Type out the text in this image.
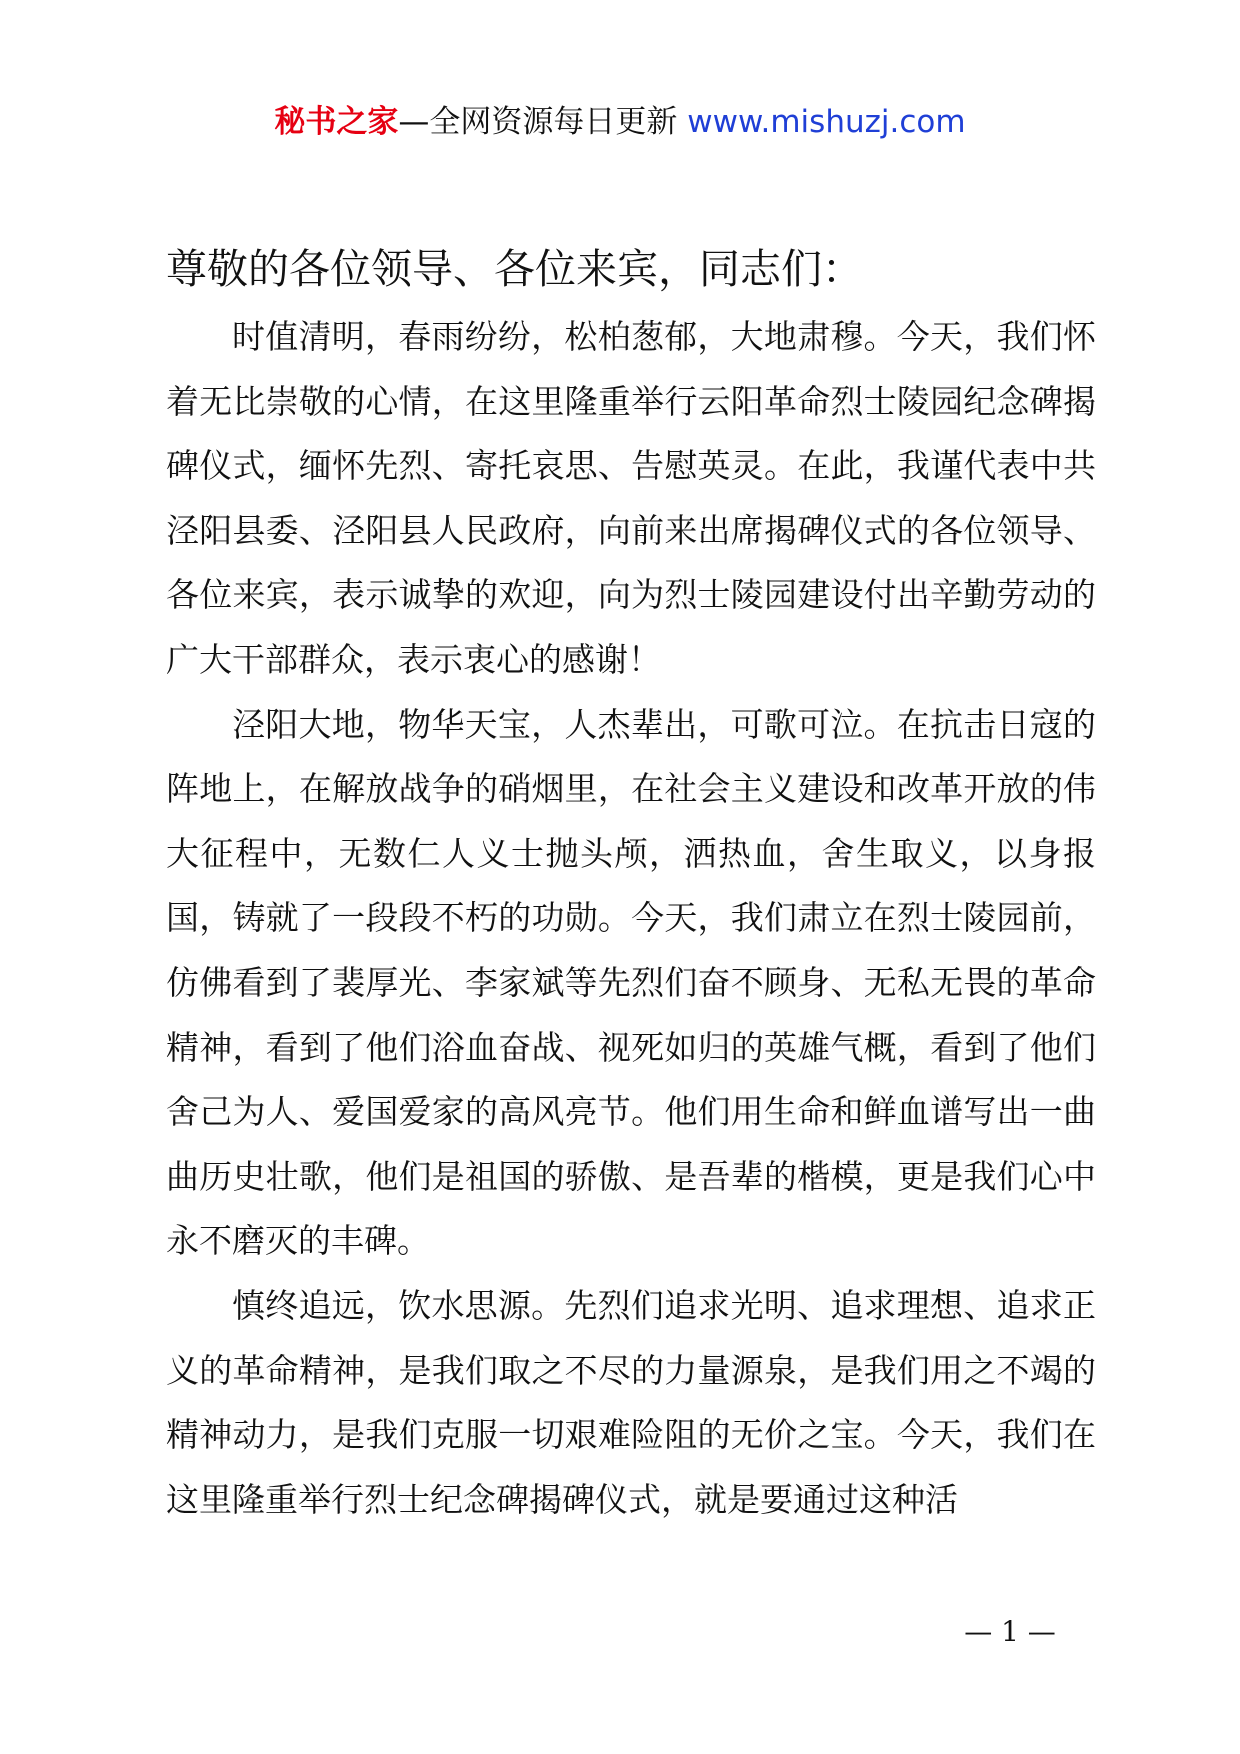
秘书之家—全网资源每日更新 www.mishuzj.com
尊敬的各位领导、各位来宾，同志们：

时值清明，春雨纷纷，松柏葱郁，大地肃穆。今天，我们怀着无比崇敬的心情，在这里隆重举行云阳革命烈士陵园纪念碑揭碑仪式，缅怀先烈、寄托哀思、告慰英灵。在此，我谨代表中共泾阳县委、泾阳县人民政府，向前来出席揭碑仪式的各位领导、各位来宾，表示诚挚的欢迎，向为烈士陵园建设付出辛勤劳动的广大干部群众，表示衷心的感谢！

泾阳大地，物华天宝，人杰辈出，可歌可泣。在抗击日寇的阵地上，在解放战争的硝烟里，在社会主义建设和改革开放的伟大征程中，无数仁人义士抛头颅，洒热血，舍生取义，以身报国，铸就了一段段不朽的功勋。今天，我们肃立在烈士陵园前，仿佛看到了裴厚光、李家斌等先烈们奋不顾身、无私无畏的革命精神，看到了他们浴血奋战、视死如归的英雄气概，看到了他们舍己为人、爱国爱家的高风亮节。他们用生命和鲜血谱写出一曲曲历史壮歌，他们是祖国的骄傲、是吾辈的楷模，更是我们心中永不磨灭的丰碑。

慎终追远，饮水思源。先烈们追求光明、追求理想、追求正义的革命精神，是我们取之不尽的力量源泉，是我们用之不竭的精神动力，是我们克服一切艰难险阻的无价之宝。今天，我们在这里隆重举行烈士纪念碑揭碑仪式，就是要通过这种活

— 1 —
